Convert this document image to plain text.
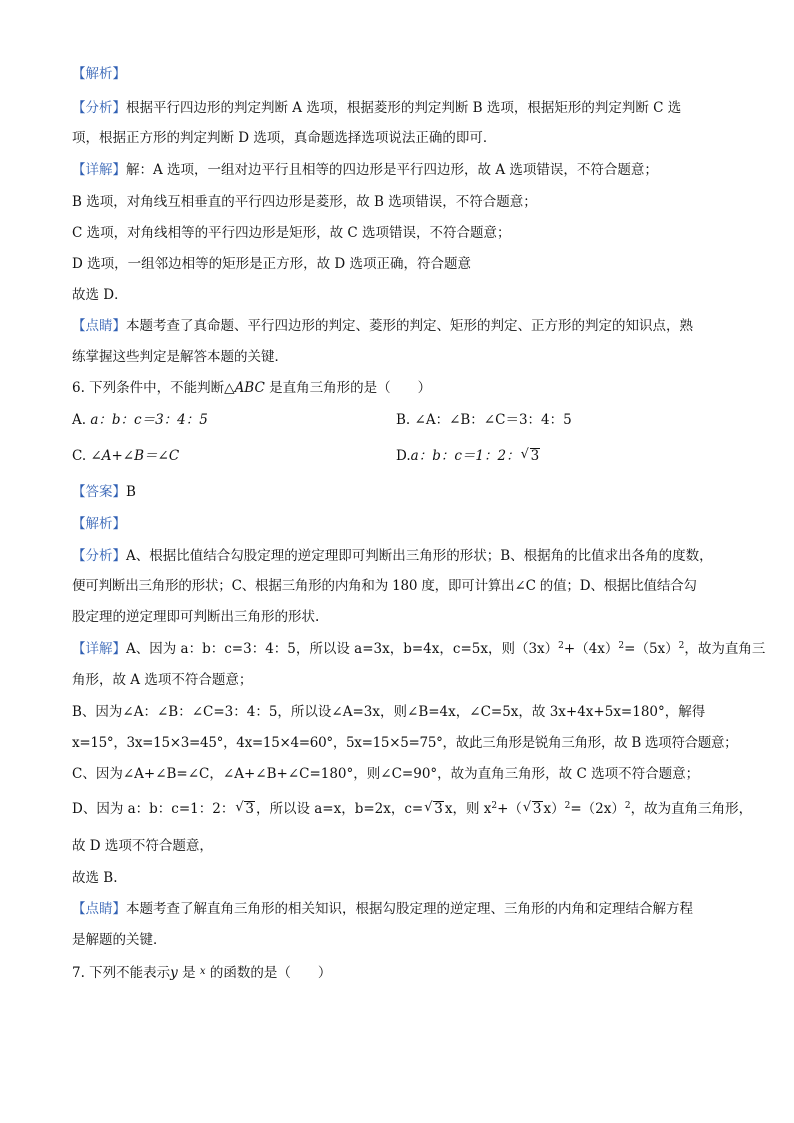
【解析】
【分析】根据平行四边形的判定判断 A 选项，根据菱形的判定判断 B 选项，根据矩形的判定判断 C 选
项，根据正方形的判定判断 D 选项，真命题选择选项说法正确的即可．
【详解】解：A 选项，一组对边平行且相等的四边形是平行四边形，故 A 选项错误，不符合题意；
B 选项，对角线互相垂直的平行四边形是菱形，故 B 选项错误，不符合题意；
C 选项，对角线相等的平行四边形是矩形，故 C 选项错误，不符合题意；
D 选项，一组邻边相等的矩形是正方形，故 D 选项正确，符合题意
故选 D．
【点睛】本题考查了真命题、平行四边形的判定、菱形的判定、矩形的判定、正方形的判定的知识点，熟
练掌握这些判定是解答本题的关键．
6. 下列条件中，不能判断△ABC 是直角三角形的是（　　）
A. a：b：c＝3：4：5	B. ∠A：∠B：∠C＝3：4：5
C. ∠A+∠B＝∠C	D.a：b：c＝1：2：√ 3
【答案】B
【解析】
【分析】A、根据比值结合勾股定理的逆定理即可判断出三角形的形状；B、根据角的比值求出各角的度数，
便可判断出三角形的形状；C、根据三角形的内角和为 180 度，即可计算出∠C 的值；D、根据比值结合勾
股定理的逆定理即可判断出三角形的形状.
【详解】A、因为 a：b：c=3：4：5，所以设 a=3x，b=4x，c=5x，则$(3x)^2+(4x)^2=(5x)^2$，故为直角三
角形，故 A 选项不符合题意；
B、因为∠A：∠B：∠C=3：4：5，所以设∠A=3x，则∠B=4x，∠C=5x，故 3x+4x+5x=180°，解得
x=15°，3x=15×3=45°，4x=15×4=60°，5x=15×5=75°，故此三角形是锐角三角形，故 B 选项符合题意；
C、因为∠A+∠B=∠C，∠A+∠B+∠C=180°，则∠C=90°，故为直角三角形，故 C 选项不符合题意；
D、因为 a：b：c=1：2：√ 3 ，所以设 a=x，b=2x，c=√ 3 x，则 $x^2+(√$ 3 $x)^2=(2x)^2$，故为直角三角形，
故 D 选项不符合题意，
故选 B.
【点睛】本题考查了解直角三角形的相关知识，根据勾股定理的逆定理、三角形的内角和定理结合解方程
是解题的关键．
7. 下列不能表示y 是 $^x$ 的函数的是（　　）
